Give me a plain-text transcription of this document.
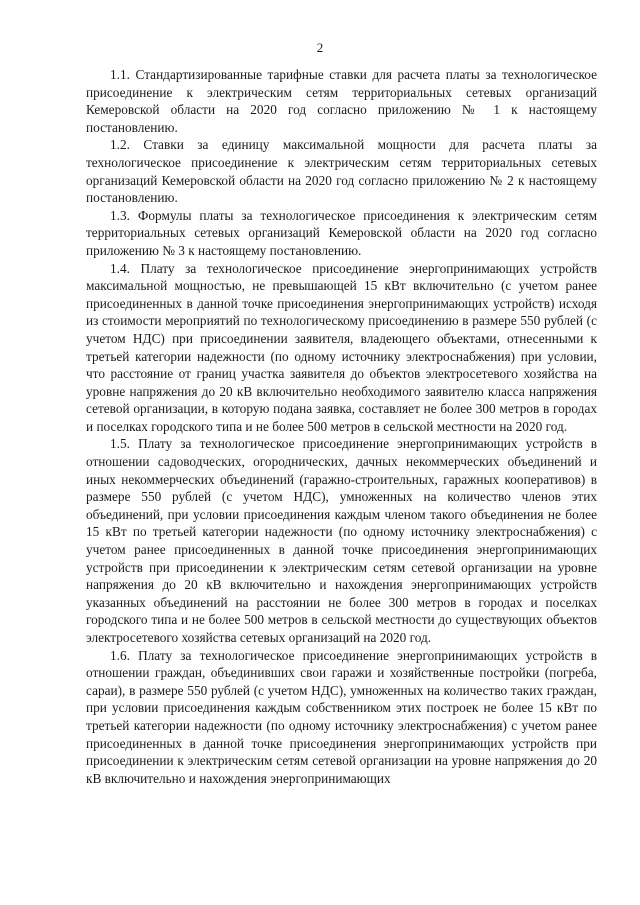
2

1.1. Стандартизированные тарифные ставки для расчета платы за технологическое присоединение к электрическим сетям территориальных сетевых организаций Кемеровской области на 2020 год согласно приложению № 1 к настоящему постановлению.

1.2. Ставки за единицу максимальной мощности для расчета платы за технологическое присоединение к электрическим сетям территориальных сетевых организаций Кемеровской области на 2020 год согласно приложению № 2 к настоящему постановлению.

1.3. Формулы платы за технологическое присоединения к электрическим сетям территориальных сетевых организаций Кемеровской области на 2020 год согласно приложению № 3 к настоящему постановлению.

1.4. Плату за технологическое присоединение энергопринимающих устройств максимальной мощностью, не превышающей 15 кВт включительно (с учетом ранее присоединенных в данной точке присоединения энергопринимающих устройств) исходя из стоимости мероприятий по технологическому присоединению в размере 550 рублей (с учетом НДС) при присоединении заявителя, владеющего объектами, отнесенными к третьей категории надежности (по одному источнику электроснабжения) при условии, что расстояние от границ участка заявителя до объектов электросетевого хозяйства на уровне напряжения до 20 кВ включительно необходимого заявителю класса напряжения сетевой организации, в которую подана заявка, составляет не более 300 метров в городах и поселках городского типа и не более 500 метров в сельской местности на 2020 год.

1.5. Плату за технологическое присоединение энергопринимающих устройств в отношении садоводческих, огороднических, дачных некоммерческих объединений и иных некоммерческих объединений (гаражно-строительных, гаражных кооперативов) в размере 550 рублей (с учетом НДС), умноженных на количество членов этих объединений, при условии присоединения каждым членом такого объединения не более 15 кВт по третьей категории надежности (по одному источнику электроснабжения) с учетом ранее присоединенных в данной точке присоединения энергопринимающих устройств при присоединении к электрическим сетям сетевой организации на уровне напряжения до 20 кВ включительно и нахождения энергопринимающих устройств указанных объединений на расстоянии не более 300 метров в городах и поселках городского типа и не более 500 метров в сельской местности до существующих объектов электросетевого хозяйства сетевых организаций на 2020 год.

1.6. Плату за технологическое присоединение энергопринимающих устройств в отношении граждан, объединивших свои гаражи и хозяйственные постройки (погреба, сараи), в размере 550 рублей (с учетом НДС), умноженных на количество таких граждан, при условии присоединения каждым собственником этих построек не более 15 кВт по третьей категории надежности (по одному источнику электроснабжения) с учетом ранее присоединенных в данной точке присоединения энергопринимающих устройств при присоединении к электрическим сетям сетевой организации на уровне напряжения до 20 кВ включительно и нахождения энергопринимающих
